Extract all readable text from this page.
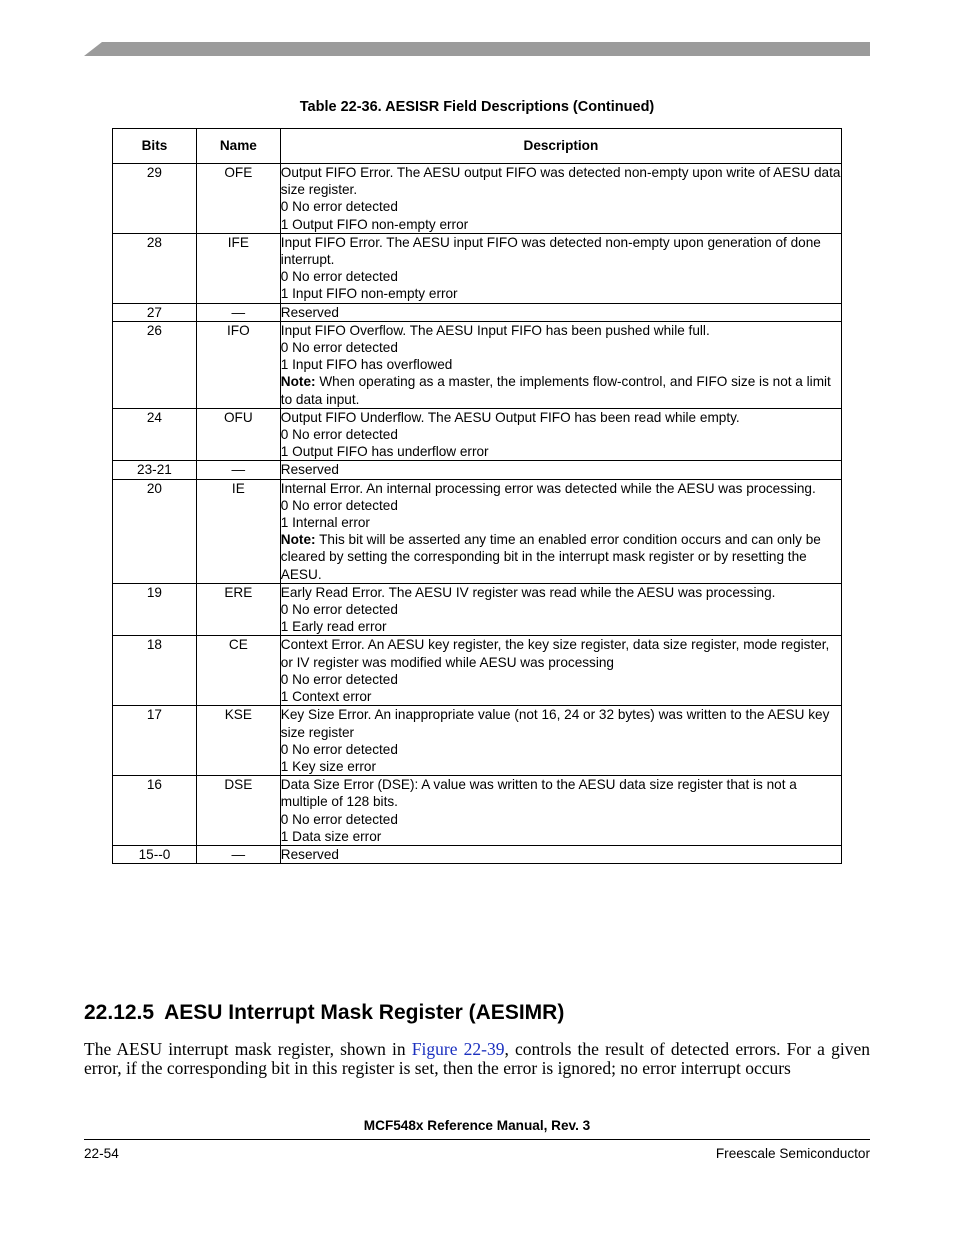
Table 22-36. AESISR Field Descriptions (Continued)
Bits	Name	Description
29	OFE	Output FIFO Error. The AESU output FIFO was detected non-empty upon write of AESU data size register.
0 No error detected
1 Output FIFO non-empty error

28	IFE	Input FIFO Error. The AESU input FIFO was detected non-empty upon generation of done interrupt.
0 No error detected
1 Input FIFO non-empty error

27	—	Reserved

26	IFO	Input FIFO Overflow. The AESU Input FIFO has been pushed while full.
0 No error detected
1 Input FIFO has overflowed
Note: When operating as a master, the implements flow-control, and FIFO size is not a limit to data input.

24	OFU	Output FIFO Underflow. The AESU Output FIFO has been read while empty.
0 No error detected
1 Output FIFO has underflow error

23-21	—	Reserved

20	IE	Internal Error. An internal processing error was detected while the AESU was processing.
0 No error detected
1 Internal error
Note: This bit will be asserted any time an enabled error condition occurs and can only be cleared by setting the corresponding bit in the interrupt mask register or by resetting the AESU.

19	ERE	Early Read Error. The AESU IV register was read while the AESU was processing.
0 No error detected
1 Early read error

18	CE	Context Error. An AESU key register, the key size register, data size register, mode register, or IV register was modified while AESU was processing
0 No error detected
1 Context error

17	KSE	Key Size Error. An inappropriate value (not 16, 24 or 32 bytes) was written to the AESU key size register
0 No error detected
1 Key size error

16	DSE	Data Size Error (DSE): A value was written to the AESU data size register that is not a multiple of 128 bits.
0 No error detected
1 Data size error

15--0	—	Reserved
22.12.5 AESU Interrupt Mask Register (AESIMR)
The AESU interrupt mask register, shown in Figure 22-39, controls the result of detected errors. For a given error, if the corresponding bit in this register is set, then the error is ignored; no error interrupt occurs
MCF548x Reference Manual, Rev. 3
22-54	Freescale Semiconductor
